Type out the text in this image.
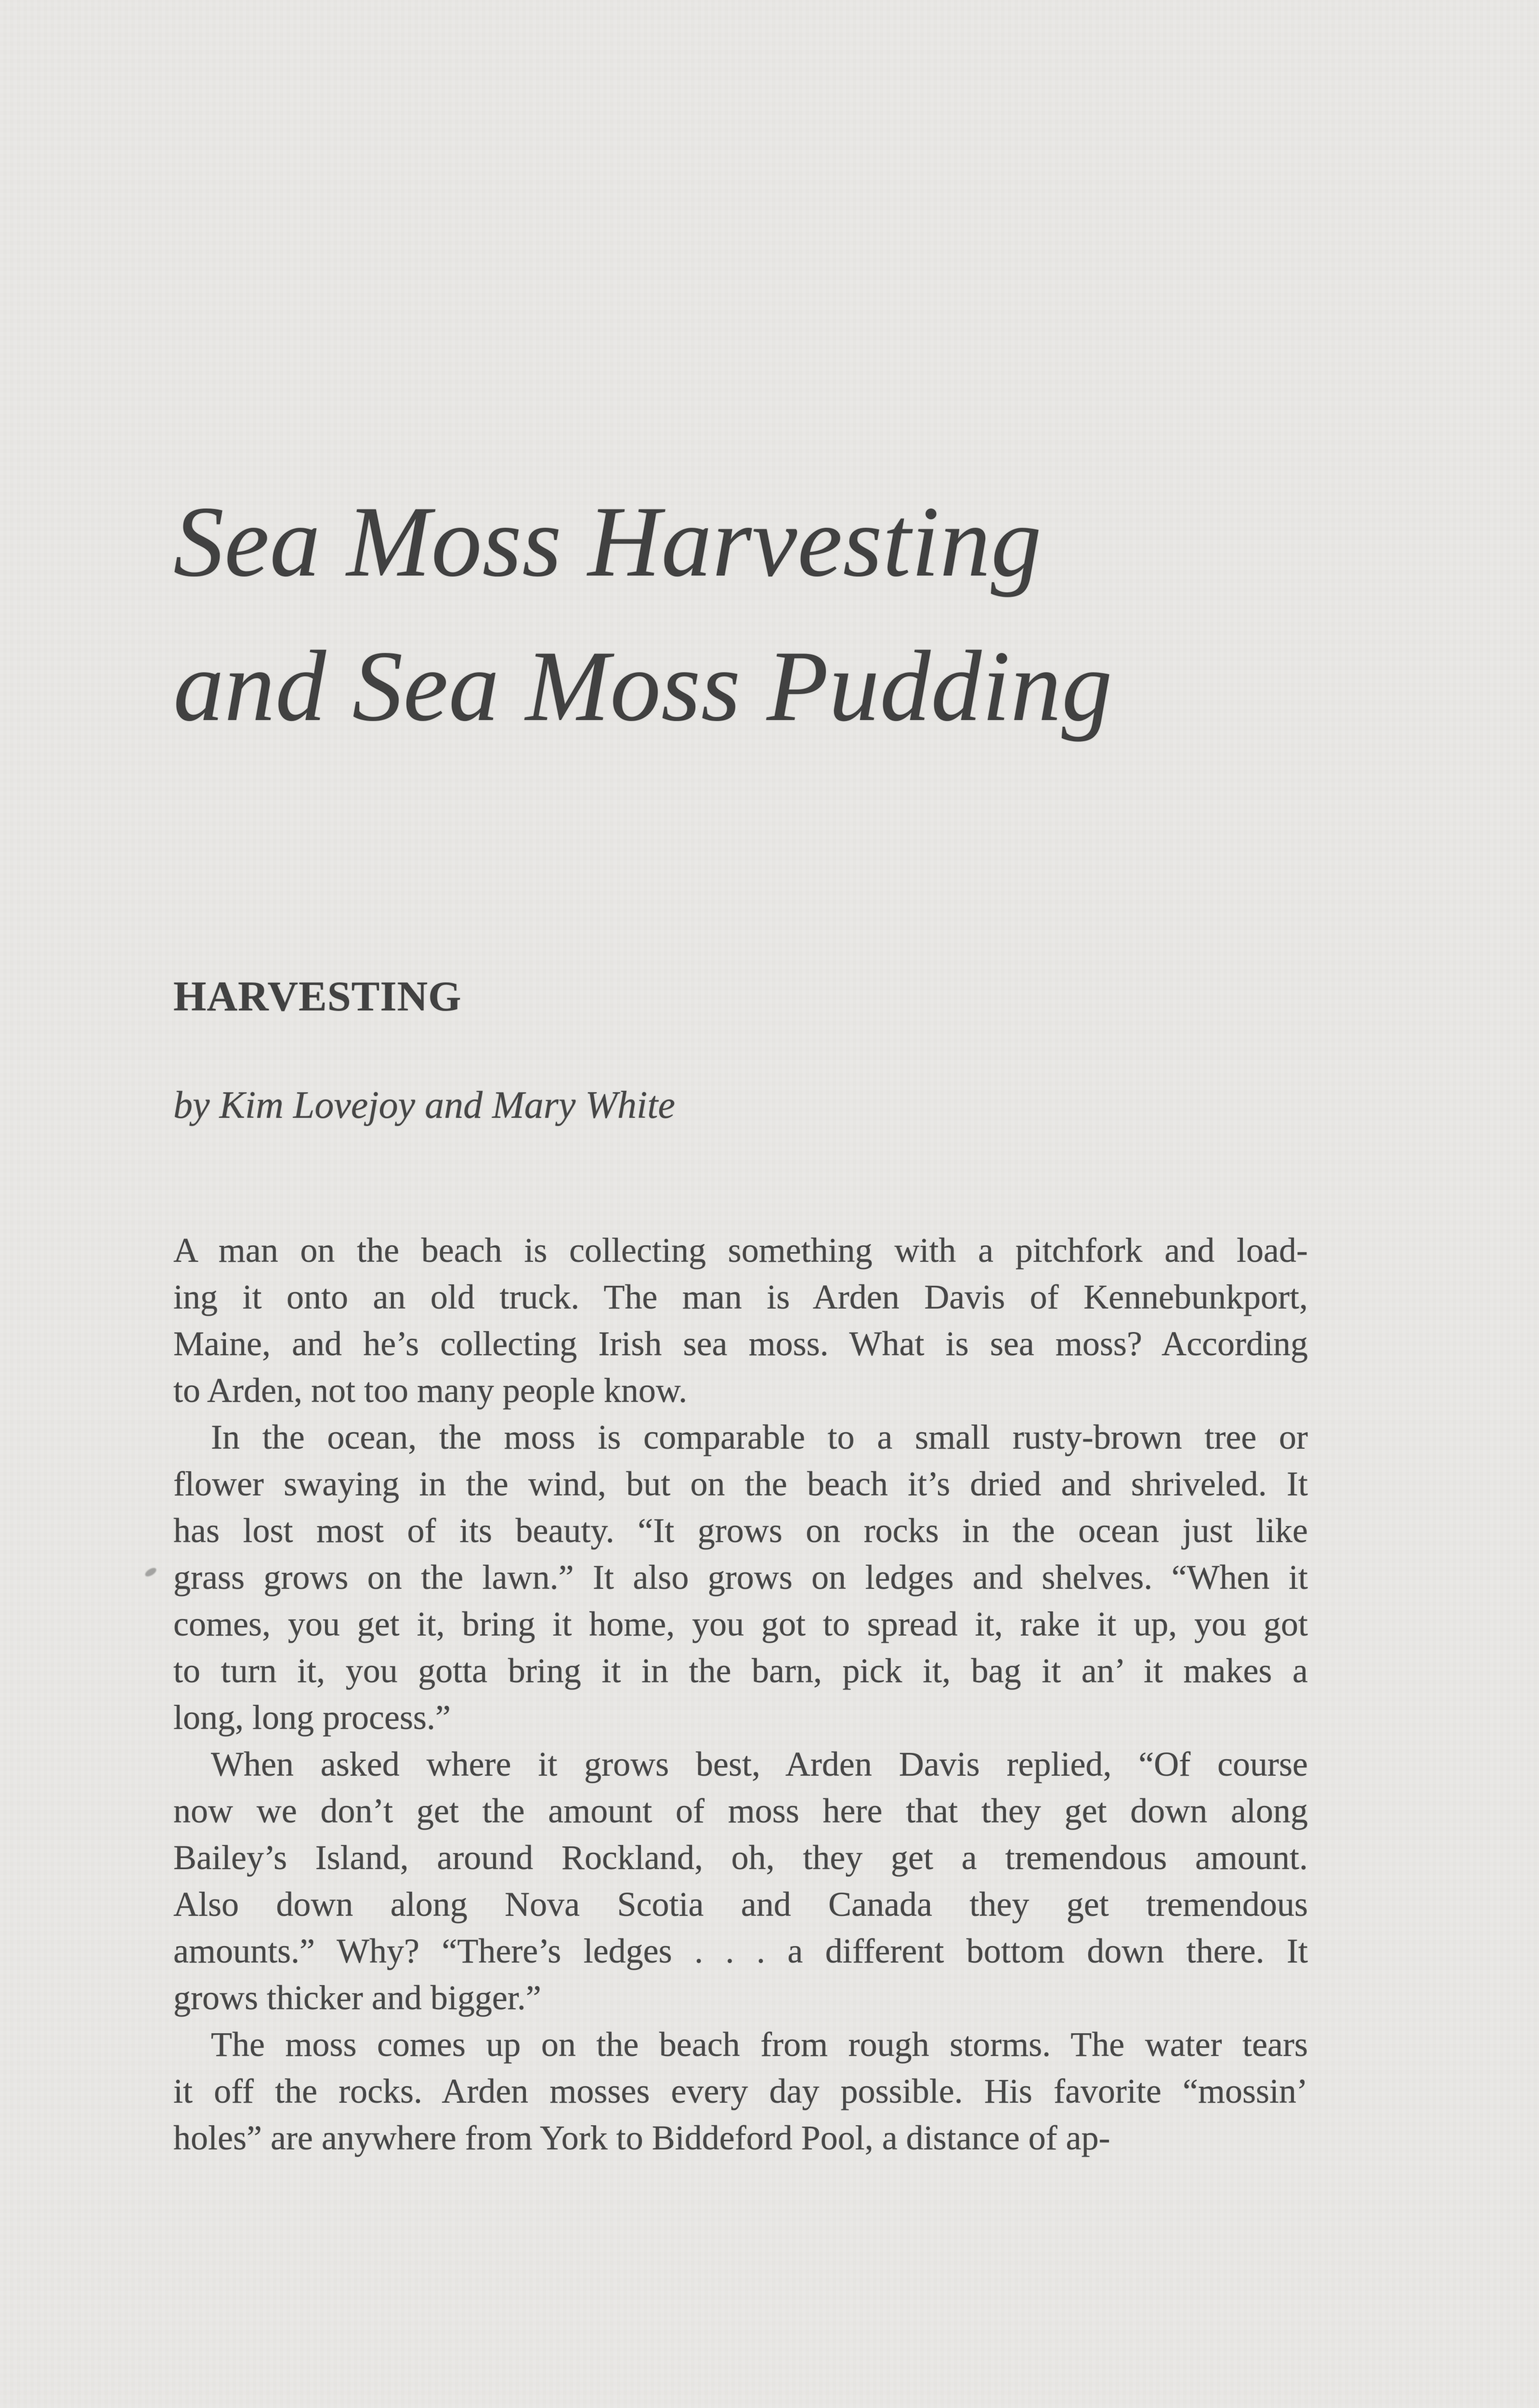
Sea Moss Harvesting
and Sea Moss Pudding
HARVESTING
by Kim Lovejoy and Mary White
A man on the beach is collecting something with a pitchfork and load-
ing it onto an old truck. The man is Arden Davis of Kennebunkport,
Maine, and he’s collecting Irish sea moss. What is sea moss? According
to Arden, not too many people know.
In the ocean, the moss is comparable to a small rusty-brown tree or
flower swaying in the wind, but on the beach it’s dried and shriveled. It
has lost most of its beauty. “It grows on rocks in the ocean just like
grass grows on the lawn.” It also grows on ledges and shelves. “When it
comes, you get it, bring it home, you got to spread it, rake it up, you got
to turn it, you gotta bring it in the barn, pick it, bag it an’ it makes a
long, long process.”
When asked where it grows best, Arden Davis replied, “Of course
now we don’t get the amount of moss here that they get down along
Bailey’s Island, around Rockland, oh, they get a tremendous amount.
Also down along Nova Scotia and Canada they get tremendous
amounts.” Why? “There’s ledges . . . a different bottom down there. It
grows thicker and bigger.”
The moss comes up on the beach from rough storms. The water tears
it off the rocks. Arden mosses every day possible. His favorite “mossin’
holes” are anywhere from York to Biddeford Pool, a distance of ap-
